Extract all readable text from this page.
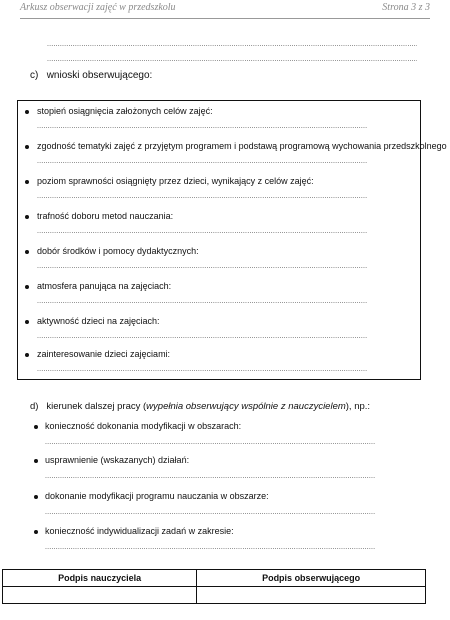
Arkusz obserwacji zajęć w przedszkolu	Strona 3 z 3
.....
.....
c) wnioski obserwującego:
stopień osiągnięcia założonych celów zajęć:
.....
zgodność tematyki zajęć z przyjętym programem i podstawą programową wychowania przedszkolnego
.....
poziom sprawności osiągnięty przez dzieci, wynikający z celów zajęć:
.....
trafność doboru metod nauczania:
.....
dobór środków i pomocy dydaktycznych:
.....
atmosfera panująca na zajęciach:
.....
aktywność dzieci na zajęciach:
.....
zainteresowanie dzieci zajęciami:
.....
d) kierunek dalszej pracy (wypełnia obserwujący wspólnie z nauczycielem), np.:
konieczność dokonania modyfikacji w obszarach:
.....
usprawnienie (wskazanych) działań:
.....
dokonanie modyfikacji programu nauczania w obszarze:
.....
konieczność indywidualizacji zadań w zakresie:
.....
Podpis nauczyciela	Podpis obserwującego
